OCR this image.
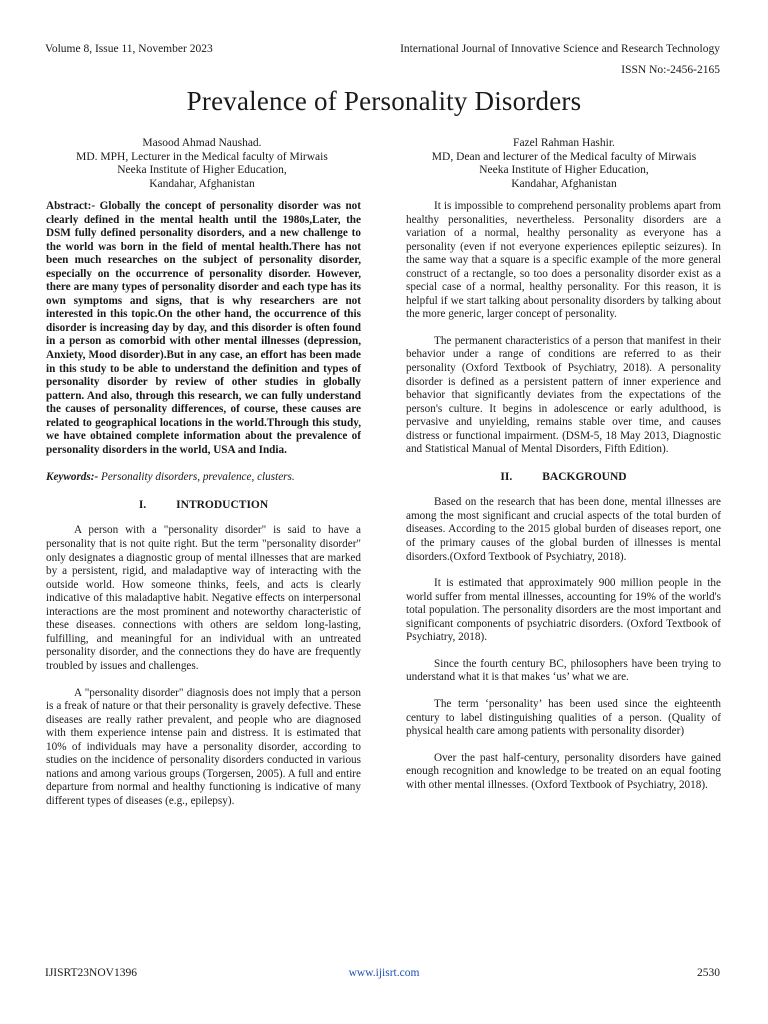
Volume 8, Issue 11, November 2023	International Journal of Innovative Science and Research Technology
ISSN No:-2456-2165
Prevalence of Personality Disorders
Masood Ahmad Naushad.
MD. MPH, Lecturer in the Medical faculty of Mirwais
Neeka Institute of Higher Education,
Kandahar, Afghanistan
Fazel Rahman Hashir.
MD, Dean and lecturer of the Medical faculty of Mirwais
Neeka Institute of Higher Education,
Kandahar, Afghanistan

Abstract:- Globally the concept of personality disorder was not clearly defined in the mental health until the 1980s,Later, the DSM fully defined personality disorders, and a new challenge to the world was born in the field of mental health.There has not been much researches on the subject of personality disorder, especially on the occurrence of personality disorder. However, there are many types of personality disorder and each type has its own symptoms and signs, that is why researchers are not interested in this topic.On the other hand, the occurrence of this disorder is increasing day by day, and this disorder is often found in a person as comorbid with other mental illnesses (depression, Anxiety, Mood disorder).But in any case, an effort has been made in this study to be able to understand the definition and types of personality disorder by review of other studies in globally pattern. And also, through this research, we can fully understand the causes of personality differences, of course, these causes are related to geographical locations in the world.Through this study, we have obtained complete information about the prevalence of personality disorders in the world, USA and India.

Keywords:- Personality disorders, prevalence, clusters.

I.	INTRODUCTION

A person with a "personality disorder" is said to have a personality that is not quite right. But the term "personality disorder" only designates a diagnostic group of mental illnesses that are marked by a persistent, rigid, and maladaptive way of interacting with the outside world. How someone thinks, feels, and acts is clearly indicative of this maladaptive habit. Negative effects on interpersonal interactions are the most prominent and noteworthy characteristic of these diseases. connections with others are seldom long-lasting, fulfilling, and meaningful for an individual with an untreated personality disorder, and the connections they do have are frequently troubled by issues and challenges.

A "personality disorder" diagnosis does not imply that a person is a freak of nature or that their personality is gravely defective. These diseases are really rather prevalent, and people who are diagnosed with them experience intense pain and distress. It is estimated that 10% of individuals may have a personality disorder, according to studies on the incidence of personality disorders conducted in various nations and among various groups (Torgersen, 2005). A full and entire departure from normal and healthy functioning is indicative of many different types of diseases (e.g., epilepsy).

It is impossible to comprehend personality problems apart from healthy personalities, nevertheless. Personality disorders are a variation of a normal, healthy personality as everyone has a personality (even if not everyone experiences epileptic seizures). In the same way that a square is a specific example of the more general construct of a rectangle, so too does a personality disorder exist as a special case of a normal, healthy personality. For this reason, it is helpful if we start talking about personality disorders by talking about the more generic, larger concept of personality.

The permanent characteristics of a person that manifest in their behavior under a range of conditions are referred to as their personality (Oxford Textbook of Psychiatry, 2018). A personality disorder is defined as a persistent pattern of inner experience and behavior that significantly deviates from the expectations of the person's culture. It begins in adolescence or early adulthood, is pervasive and unyielding, remains stable over time, and causes distress or functional impairment. (DSM-5, 18 May 2013, Diagnostic and Statistical Manual of Mental Disorders, Fifth Edition).

II.	BACKGROUND

Based on the research that has been done, mental illnesses are among the most significant and crucial aspects of the total burden of diseases. According to the 2015 global burden of diseases report, one of the primary causes of the global burden of illnesses is mental disorders.(Oxford Textbook of Psychiatry, 2018).

It is estimated that approximately 900 million people in the world suffer from mental illnesses, accounting for 19% of the world's total population. The personality disorders are the most important and significant components of psychiatric disorders. (Oxford Textbook of Psychiatry, 2018).

Since the fourth century BC, philosophers have been trying to understand what it is that makes ‘us’ what we are.

The term ‘personality’ has been used since the eighteenth century to label distinguishing qualities of a person. (Quality of physical health care among patients with personality disorder)

Over the past half-century, personality disorders have gained enough recognition and knowledge to be treated on an equal footing with other mental illnesses. (Oxford Textbook of Psychiatry, 2018).

IJISRT23NOV1396	www.ijisrt.com	2530
